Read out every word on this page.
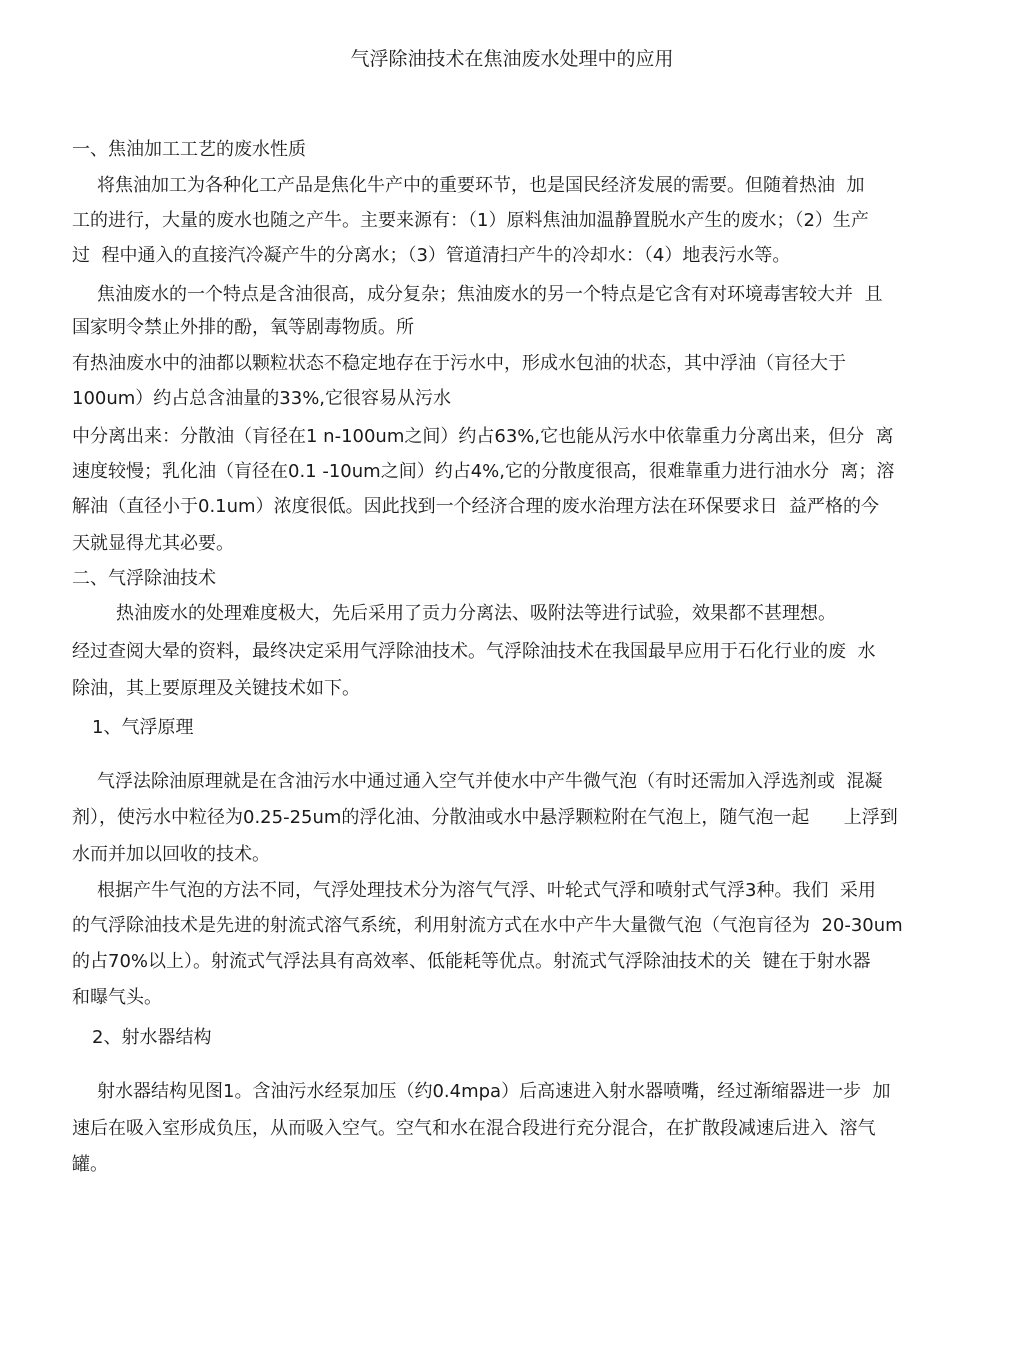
气浮除油技术在焦油废水处理中的应用
一、焦油加工工艺的废水性质
将焦油加工为各种化工产品是焦化牛产中的重要环节，也是国民经济发展的需要。但随着热油  加
工的进行，大量的废水也随之产牛。主要来源有：（1）原料焦油加温静置脱水产生的废水；（2）生产
过  程中通入的直接汽冷凝产牛的分离水；（3）管道清扫产牛的冷却水：（4）地表污水等。
焦油废水的一个特点是含油很高，成分复杂；焦油废水的另一个特点是它含有对环境毒害较大并  且
国家明令禁止外排的酚，氧等剧毒物质。所
有热油废水中的油都以颗粒状态不稳定地存在于污水中，形成水包油的状态，其中浮油（肓径大于
100um）约占总含油量的33%,它很容易从污水
中分离出来：分散油（肓径在1 n-100um之间）约占63%,它也能从污水中依靠重力分离出来，但分  离
速度较慢；乳化油（肓径在0.1 -10um之间）约占4%,它的分散度很高，很难靠重力进行油水分  离；溶
解油（直径小于0.1um）浓度很低。因此找到一个经济合理的废水治理方法在环保要求日  益严格的今
天就显得尤其必要。
二、气浮除油技术
热油废水的处理难度极大，先后采用了贡力分离法、吸附法等进行试验，效果都不甚理想。
经过查阅大晕的资料，最终决定采用气浮除油技术。气浮除油技术在我国最早应用于石化行业的废  水
除油，其上要原理及关键技术如下。
1、气浮原理
气浮法除油原理就是在含油污水中通过通入空气并使水中产牛微气泡（有时还需加入浮选剂或  混凝
剂），使污水中粒径为0.25-25um的浮化油、分散油或水中悬浮颗粒附在气泡上，随气泡一起      上浮到
水而并加以回收的技术。
根据产牛气泡的方法不同，气浮处理技术分为溶气气浮、叶轮式气浮和喷射式气浮3种。我们  采用
的气浮除油技术是先进的射流式溶气系统，利用射流方式在水中产牛大量微气泡（气泡肓径为  20-30um
的占70%以上）。射流式气浮法具有高效率、低能耗等优点。射流式气浮除油技术的关  键在于射水器
和曝气头。
2、射水器结构
射水器结构见图1。含油污水经泵加压（约0.4mpa）后高速进入射水器喷嘴，经过渐缩器进一步  加
速后在吸入室形成负压，从而吸入空气。空气和水在混合段进行充分混合，在扩散段减速后进入  溶气
罐。
